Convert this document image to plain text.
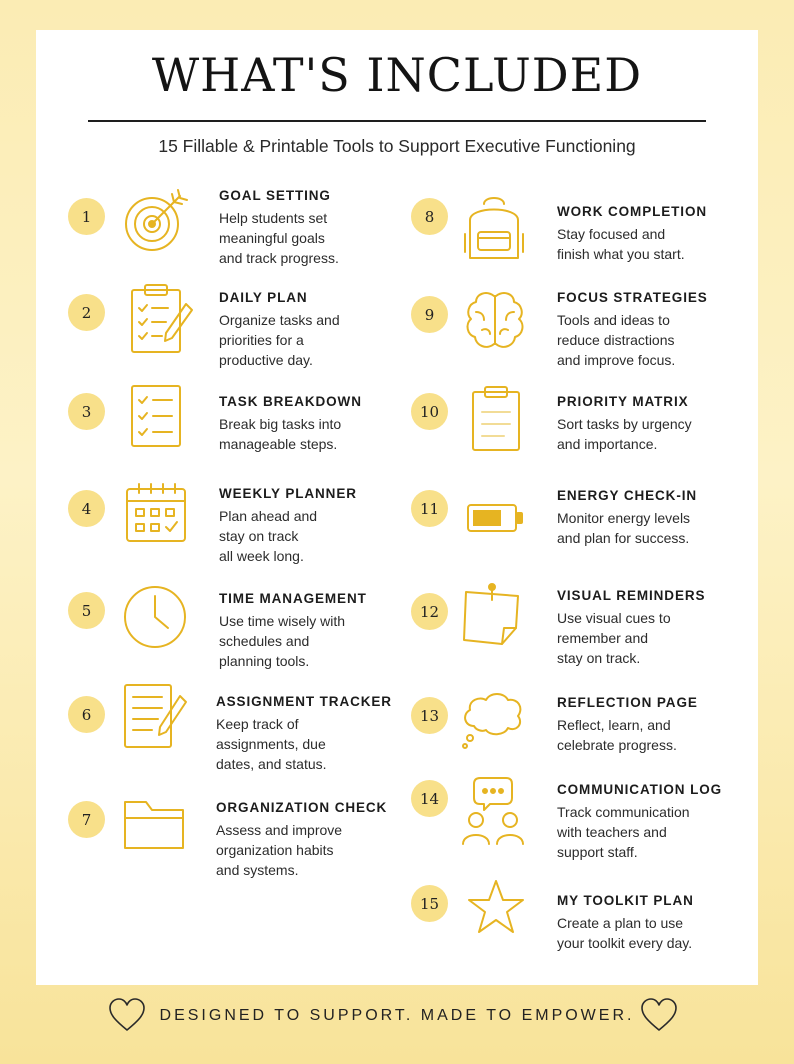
WHAT'S INCLUDED

15 Fillable & Printable Tools to Support Executive Functioning

1
GOAL SETTING
Help students set
meaningful goals
and track progress.
2
DAILY PLAN
Organize tasks and
priorities for a
productive day.
3
TASK BREAKDOWN
Break big tasks into
manageable steps.
4
WEEKLY PLANNER
Plan ahead and
stay on track
all week long.
5
TIME MANAGEMENT
Use time wisely with
schedules and
planning tools.
6
ASSIGNMENT TRACKER
Keep track of
assignments, due
dates, and status.
7
ORGANIZATION CHECK
Assess and improve
organization habits
and systems.
8	WORK COMPLETION
Stay focused and
finish what you start.
9
FOCUS STRATEGIES
Tools and ideas to
reduce distractions
and improve focus.
10
PRIORITY MATRIX
Sort tasks by urgency
and importance.
11
ENERGY CHECK-IN
Monitor energy levels
and plan for success.
12
VISUAL REMINDERS
Use visual cues to
remember and
stay on track.
13
REFLECTION PAGE
Reflect, learn, and
celebrate progress.
14	COMMUNICATION LOG
Track communication
with teachers and
support staff.
15	MY TOOLKIT PLAN
Create a plan to use
your toolkit every day.
DESIGNED TO SUPPORT. MADE TO EMPOWER.
